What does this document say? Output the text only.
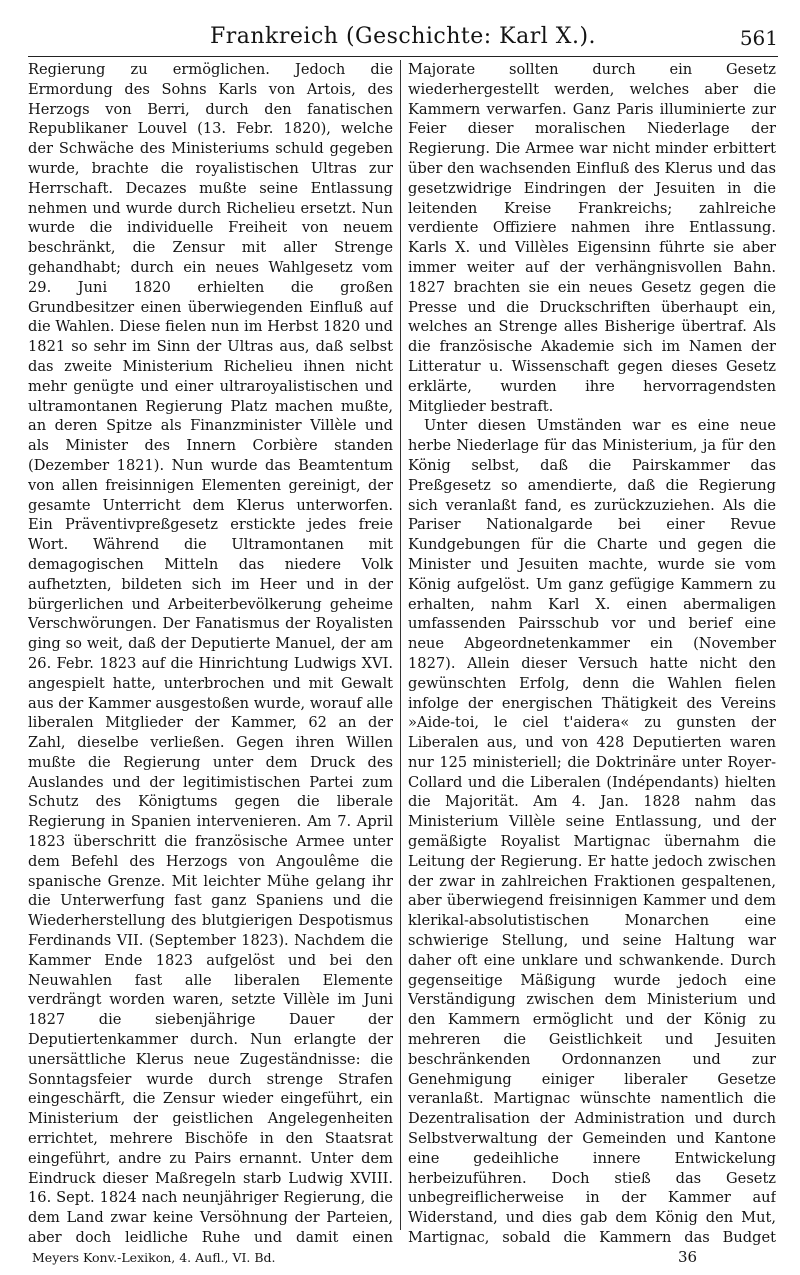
Frankreich (Geschichte: Karl X.).	561

Regierung zu ermöglichen. Jedoch die Ermordung des Sohns Karls von Artois, des Herzogs von Berri, durch den fanatischen Republikaner Louvel (13. Febr. 1820), welche der Schwäche des Ministeriums schuld gegeben wurde, brachte die royalistischen Ultras zur Herrschaft. Decazes mußte seine Entlassung nehmen und wurde durch Richelieu ersetzt. Nun wurde die individuelle Freiheit von neuem beschränkt, die Zensur mit aller Strenge gehandhabt; durch ein neues Wahlgesetz vom 29. Juni 1820 erhielten die großen Grundbesitzer einen überwiegenden Einfluß auf die Wahlen. Diese fielen nun im Herbst 1820 und 1821 so sehr im Sinn der Ultras aus, daß selbst das zweite Ministerium Richelieu ihnen nicht mehr genügte und einer ultraroyalistischen und ultramontanen Regierung Platz machen mußte, an deren Spitze als Finanzminister Villèle und als Minister des Innern Corbière standen (Dezember 1821). Nun wurde das Beamtentum von allen freisinnigen Elementen gereinigt, der gesamte Unterricht dem Klerus unterworfen. Ein Präventivpreßgesetz erstickte jedes freie Wort. Während die Ultramontanen mit demagogischen Mitteln das niedere Volk aufhetzten, bildeten sich im Heer und in der bürgerlichen und Arbeiterbevölkerung geheime Verschwörungen. Der Fanatismus der Royalisten ging so weit, daß der Deputierte Manuel, der am 26. Febr. 1823 auf die Hinrichtung Ludwigs XVI. angespielt hatte, unterbrochen und mit Gewalt aus der Kammer ausgestoßen wurde, worauf alle liberalen Mitglieder der Kammer, 62 an der Zahl, dieselbe verließen. Gegen ihren Willen mußte die Regierung unter dem Druck des Auslandes und der legitimistischen Partei zum Schutz des Königtums gegen die liberale Regierung in Spanien intervenieren. Am 7. April 1823 überschritt die französische Armee unter dem Befehl des Herzogs von Angoulême die spanische Grenze. Mit leichter Mühe gelang ihr die Unterwerfung fast ganz Spaniens und die Wiederherstellung des blutgierigen Despotismus Ferdinands VII. (September 1823). Nachdem die Kammer Ende 1823 aufgelöst und bei den Neuwahlen fast alle liberalen Elemente verdrängt worden waren, setzte Villèle im Juni 1827 die siebenjährige Dauer der Deputiertenkammer durch. Nun erlangte der unersättliche Klerus neue Zugeständnisse: die Sonntagsfeier wurde durch strenge Strafen eingeschärft, die Zensur wieder eingeführt, ein Ministerium der geistlichen Angelegenheiten errichtet, mehrere Bischöfe in den Staatsrat eingeführt, andre zu Pairs ernannt. Unter dem Eindruck dieser Maßregeln starb Ludwig XVIII. 16. Sept. 1824 nach neunjähriger Regierung, die dem Land zwar keine Versöhnung der Parteien, aber doch leidliche Ruhe und damit einen

Majorate sollten durch ein Gesetz wiederhergestellt werden, welches aber die Kammern verwarfen. Ganz Paris illuminierte zur Feier dieser moralischen Niederlage der Regierung. Die Armee war nicht minder erbittert über den wachsenden Einfluß des Klerus und das gesetzwidrige Eindringen der Jesuiten in die leitenden Kreise Frankreichs; zahlreiche verdiente Offiziere nahmen ihre Entlassung. Karls X. und Villèles Eigensinn führte sie aber immer weiter auf der verhängnisvollen Bahn. 1827 brachten sie ein neues Gesetz gegen die Presse und die Druckschriften überhaupt ein, welches an Strenge alles Bisherige übertraf. Als die französische Akademie sich im Namen der Litteratur u. Wissenschaft gegen dieses Gesetz erklärte, wurden ihre hervorragendsten Mitglieder bestraft.

Unter diesen Umständen war es eine neue herbe Niederlage für das Ministerium, ja für den König selbst, daß die Pairskammer das Preßgesetz so amendierte, daß die Regierung sich veranlaßt fand, es zurückzuziehen. Als die Pariser Nationalgarde bei einer Revue Kundgebungen für die Charte und gegen die Minister und Jesuiten machte, wurde sie vom König aufgelöst. Um ganz gefügige Kammern zu erhalten, nahm Karl X. einen abermaligen umfassenden Pairsschub vor und berief eine neue Abgeordnetenkammer ein (November 1827). Allein dieser Versuch hatte nicht den gewünschten Erfolg, denn die Wahlen fielen infolge der energischen Thätigkeit des Vereins »Aide-toi, le ciel t'aidera« zu gunsten der Liberalen aus, und von 428 Deputierten waren nur 125 ministeriell; die Doktrinäre unter Royer-Collard und die Liberalen (Indépendants) hielten die Majorität. Am 4. Jan. 1828 nahm das Ministerium Villèle seine Entlassung, und der gemäßigte Royalist Martignac übernahm die Leitung der Regierung. Er hatte jedoch zwischen der zwar in zahlreichen Fraktionen gespaltenen, aber überwiegend freisinnigen Kammer und dem klerikal-absolutistischen Monarchen eine schwierige Stellung, und seine Haltung war daher oft eine unklare und schwankende. Durch gegenseitige Mäßigung wurde jedoch eine Verständigung zwischen dem Ministerium und den Kammern ermöglicht und der König zu mehreren die Geistlichkeit und Jesuiten beschränkenden Ordonnanzen und zur Genehmigung einiger liberaler Gesetze veranlaßt. Martignac wünschte namentlich die Dezentralisation der Administration und durch Selbstverwaltung der Gemeinden und Kantone eine gedeihliche innere Entwickelung herbeizuführen. Doch stieß das Gesetz unbegreiflicherweise in der Kammer auf Widerstand, und dies gab dem König den Mut, Martignac, sobald die Kammern das Budget

Meyers Konv.-Lexikon, 4. Aufl., VI. Bd.	36
